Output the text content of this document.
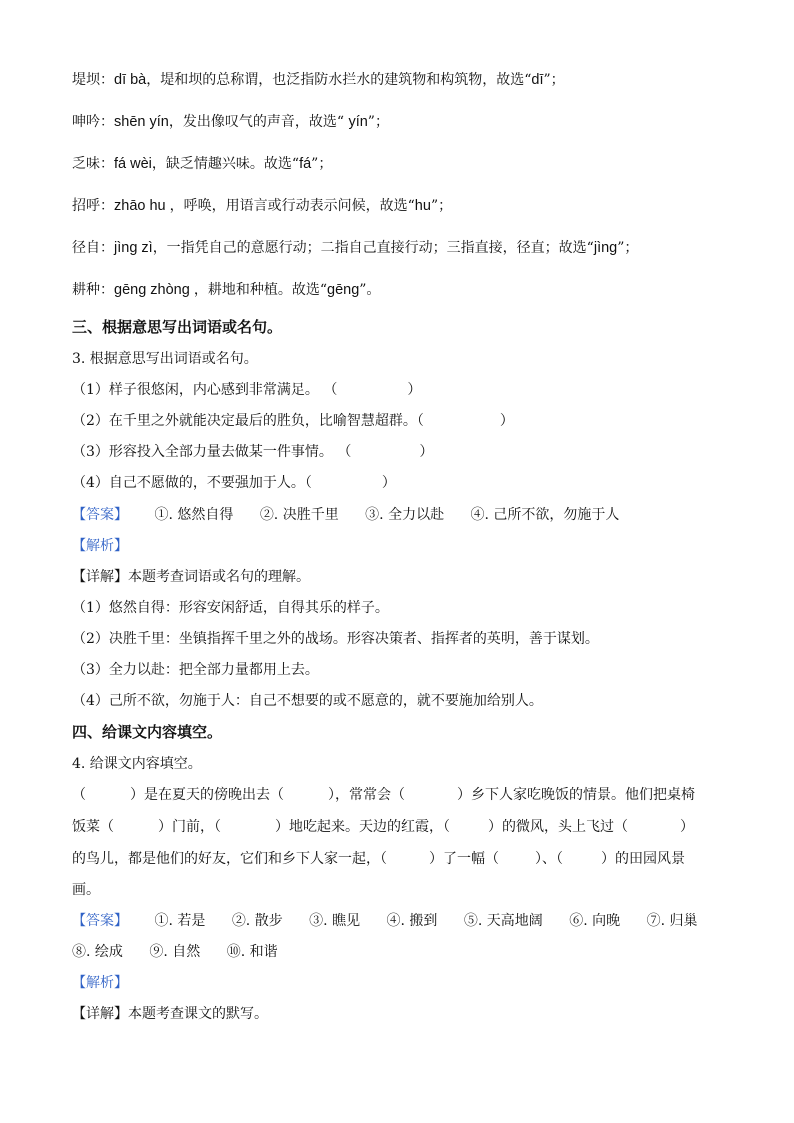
堤坝：dī bà，堤和坝的总称谓，也泛指防水拦水的建筑物和构筑物，故选“dī”；
呻吟：shēn yín，发出像叹气的声音，故选“ yín”；
乏味：fá wèi，缺乏情趣兴味。故选“fá”；
招呼：zhāo hu ，呼唤，用语言或行动表示问候，故选“hu”；
径自：jìng zì，一指凭自己的意愿行动；二指自己直接行动；三指直接，径直；故选“jìng”；
耕种：gēng zhòng ，耕地和种植。故选“gēng”。
三、根据意思写出词语或名句。
3. 根据意思写出词语或名句。
（1）样子很悠闲，内心感到非常满足。 （	）
（2）在千里之外就能决定最后的胜负，比喻智慧超群。（	）
（3）形容投入全部力量去做某一件事情。 （	）
（4）自己不愿做的，不要强加于人。（	）
【答案】 ①. 悠然自得 ②. 决胜千里 ③. 全力以赴 ④. 己所不欲，勿施于人
【解析】
【详解】本题考查词语或名句的理解。
（1）悠然自得：形容安闲舒适，自得其乐的样子。
（2）决胜千里：坐镇指挥千里之外的战场。形容决策者、指挥者的英明，善于谋划。
（3）全力以赴：把全部力量都用上去。
（4）己所不欲，勿施于人：自己不想要的或不愿意的，就不要施加给别人。
四、给课文内容填空。
4. 给课文内容填空。
（	）是在夏天的傍晚出去（	），常常会（	）乡下人家吃晚饭的情景。他们把桌椅
饭菜（	）门前，（	）地吃起来。天边的红霞，（	）的微风，头上飞过（	）
的鸟儿，都是他们的好友，它们和乡下人家一起，（	）了一幅（	）、（	）的田园风景
画。
【答案】 ①. 若是 ②. 散步 ③. 瞧见 ④. 搬到 ⑤. 天高地阔 ⑥. 向晚 ⑦. 归巢
⑧. 绘成 ⑨. 自然 ⑩. 和谐
【解析】
【详解】本题考查课文的默写。
